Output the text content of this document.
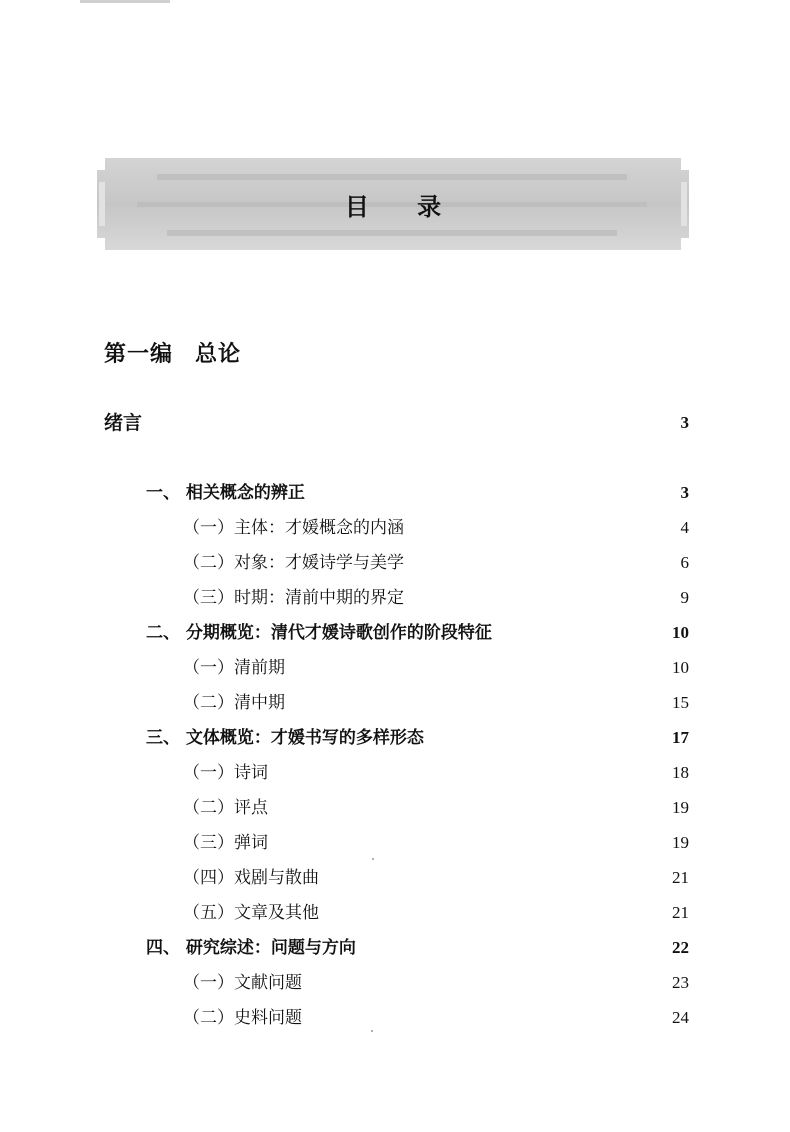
目 录
第一编 总论
绪言	3
一、 相关概念的辨正	3
（一）主体：才媛概念的内涵	4
（二）对象：才媛诗学与美学	6
（三）时期：清前中期的界定	9
二、 分期概览：清代才媛诗歌创作的阶段特征	10
（一）清前期	10
（二）清中期	15
三、 文体概览：才媛书写的多样形态	17
（一）诗词	18
（二）评点	19
（三）弹词	19
（四）戏剧与散曲	21
（五）文章及其他	21
四、 研究综述：问题与方向	22
（一）文献问题	23
（二）史料问题	24
